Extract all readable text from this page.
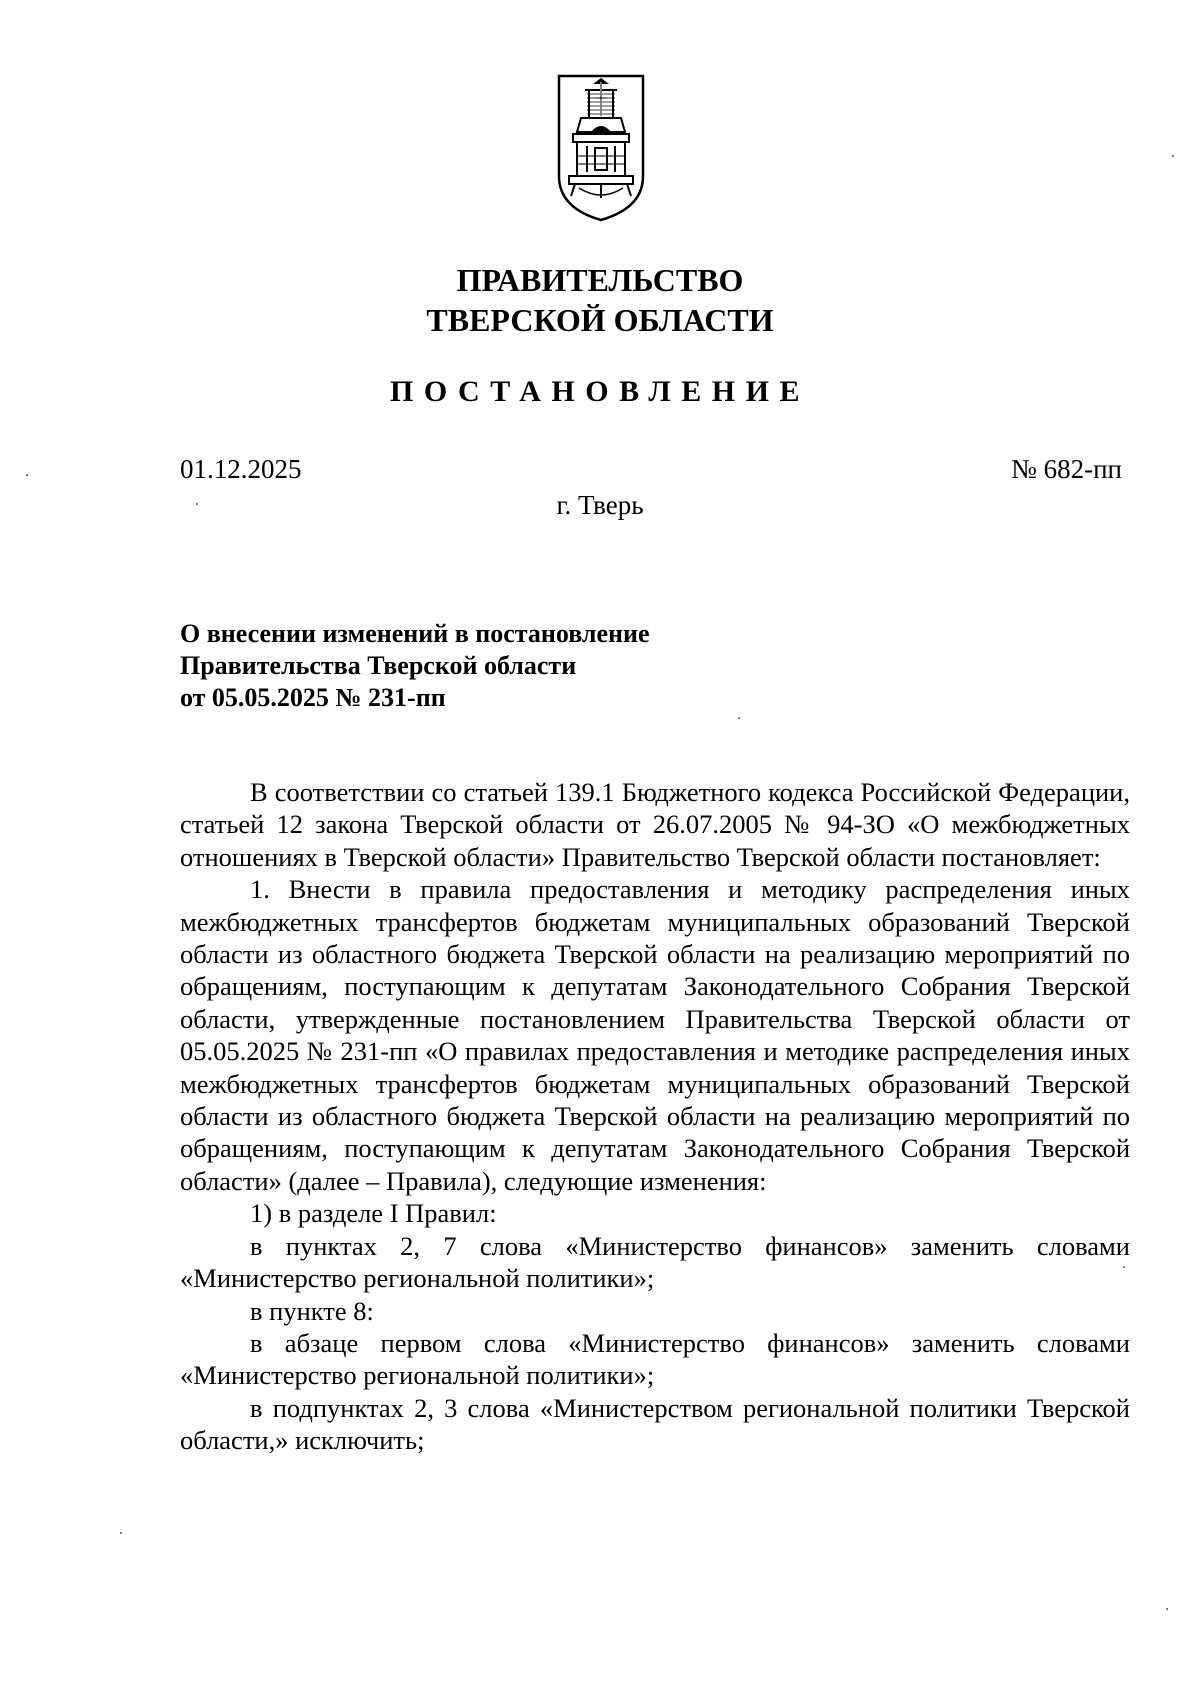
ПРАВИТЕЛЬСТВО
ТВЕРСКОЙ ОБЛАСТИ
ПОСТАНОВЛЕНИЕ
01.12.2025	№ 682-пп
г. Тверь
О внесении изменений в постановление
Правительства Тверской области
от 05.05.2025 № 231-пп

В соответствии со статьей 139.1 Бюджетного кодекса Российской Федерации, статьей 12 закона Тверской области от 26.07.2005 № 94-ЗО «О межбюджетных отношениях в Тверской области» Правительство Тверской области постановляет:

1. Внести в правила предоставления и методику распределения иных межбюджетных трансфертов бюджетам муниципальных образований Тверской области из областного бюджета Тверской области на реализацию мероприятий по обращениям, поступающим к депутатам Законодательного Собрания Тверской области, утвержденные постановлением Правительства Тверской области от 05.05.2025 № 231-пп «О правилах предоставления и методике распределения иных межбюджетных трансфертов бюджетам муниципальных образований Тверской области из областного бюджета Тверской области на реализацию мероприятий по обращениям, поступающим к депутатам Законодательного Собрания Тверской области» (далее – Правила), следующие изменения:

1) в разделе I Правил:

в пунктах 2, 7 слова «Министерство финансов» заменить словами «Министерство региональной политики»;

в пункте 8:

в абзаце первом слова «Министерство финансов» заменить словами «Министерство региональной политики»;

в подпунктах 2, 3 слова «Министерством региональной политики Тверской области,» исключить;
